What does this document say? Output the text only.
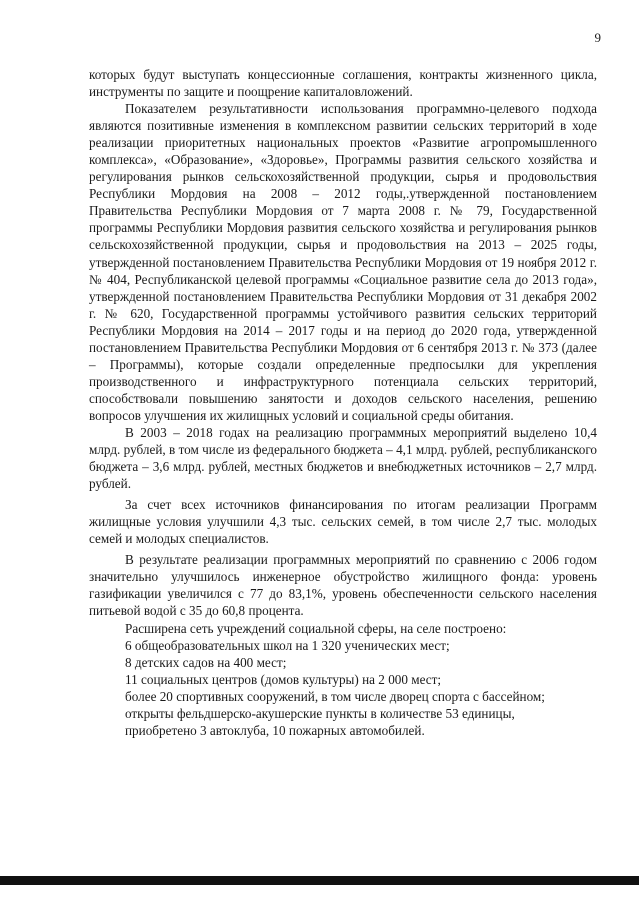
9

которых будут выступать концессионные соглашения, контракты жизненного цикла, инструменты по защите и поощрение капиталовложений.

Показателем результативности использования программно-целевого подхода являются позитивные изменения в комплексном развитии сельских территорий в ходе реализации приоритетных национальных проектов «Развитие агропромышленного комплекса», «Образование», «Здоровье», Программы развития сельского хозяйства и регулирования рынков сельскохозяйственной продукции, сырья и продовольствия Республики Мордовия на 2008 – 2012 годы,.утвержденной постановлением Правительства Республики Мордовия от 7 марта 2008 г. № 79, Государственной программы Республики Мордовия развития сельского хозяйства и регулирования рынков сельскохозяйственной продукции, сырья и продовольствия на 2013 – 2025 годы, утвержденной постановлением Правительства Республики Мордовия от 19 ноября 2012 г. № 404, Республиканской целевой программы «Социальное развитие села до 2013 года», утвержденной постановлением Правительства Республики Мордовия от 31 декабря 2002 г. № 620, Государственной программы устойчивого развития сельских территорий Республики Мордовия на 2014 – 2017 годы и на период до 2020 года, утвержденной постановлением Правительства Республики Мордовия от 6 сентября 2013 г. № 373 (далее – Программы), которые создали определенные предпосылки для укрепления производственного и инфраструктурного потенциала сельских территорий, способствовали повышению занятости и доходов сельского населения, решению вопросов улучшения их жилищных условий и социальной среды обитания.

В 2003 – 2018 годах на реализацию программных мероприятий выделено 10,4 млрд. рублей, в том числе из федерального бюджета – 4,1 млрд. рублей, республиканского бюджета – 3,6 млрд. рублей, местных бюджетов и внебюджетных источников – 2,7 млрд. рублей.

За счет всех источников финансирования по итогам реализации Программ жилищные условия улучшили 4,3 тыс. сельских семей, в том числе 2,7 тыс. молодых семей и молодых специалистов.

В результате реализации программных мероприятий по сравнению с 2006 годом значительно улучшилось инженерное обустройство жилищного фонда: уровень газификации увеличился с 77 до 83,1%, уровень обеспеченности сельского населения питьевой водой с 35 до 60,8 процента.

Расширена сеть учреждений социальной сферы, на селе построено:

6 общеобразовательных школ на 1 320 ученических мест;

8 детских садов на 400 мест;

11 социальных центров (домов культуры) на 2 000 мест;

более 20 спортивных сооружений, в том числе дворец спорта с бассейном;

открыты фельдшерско-акушерские пункты в количестве 53 единицы,

приобретено 3 автоклуба, 10 пожарных автомобилей.
